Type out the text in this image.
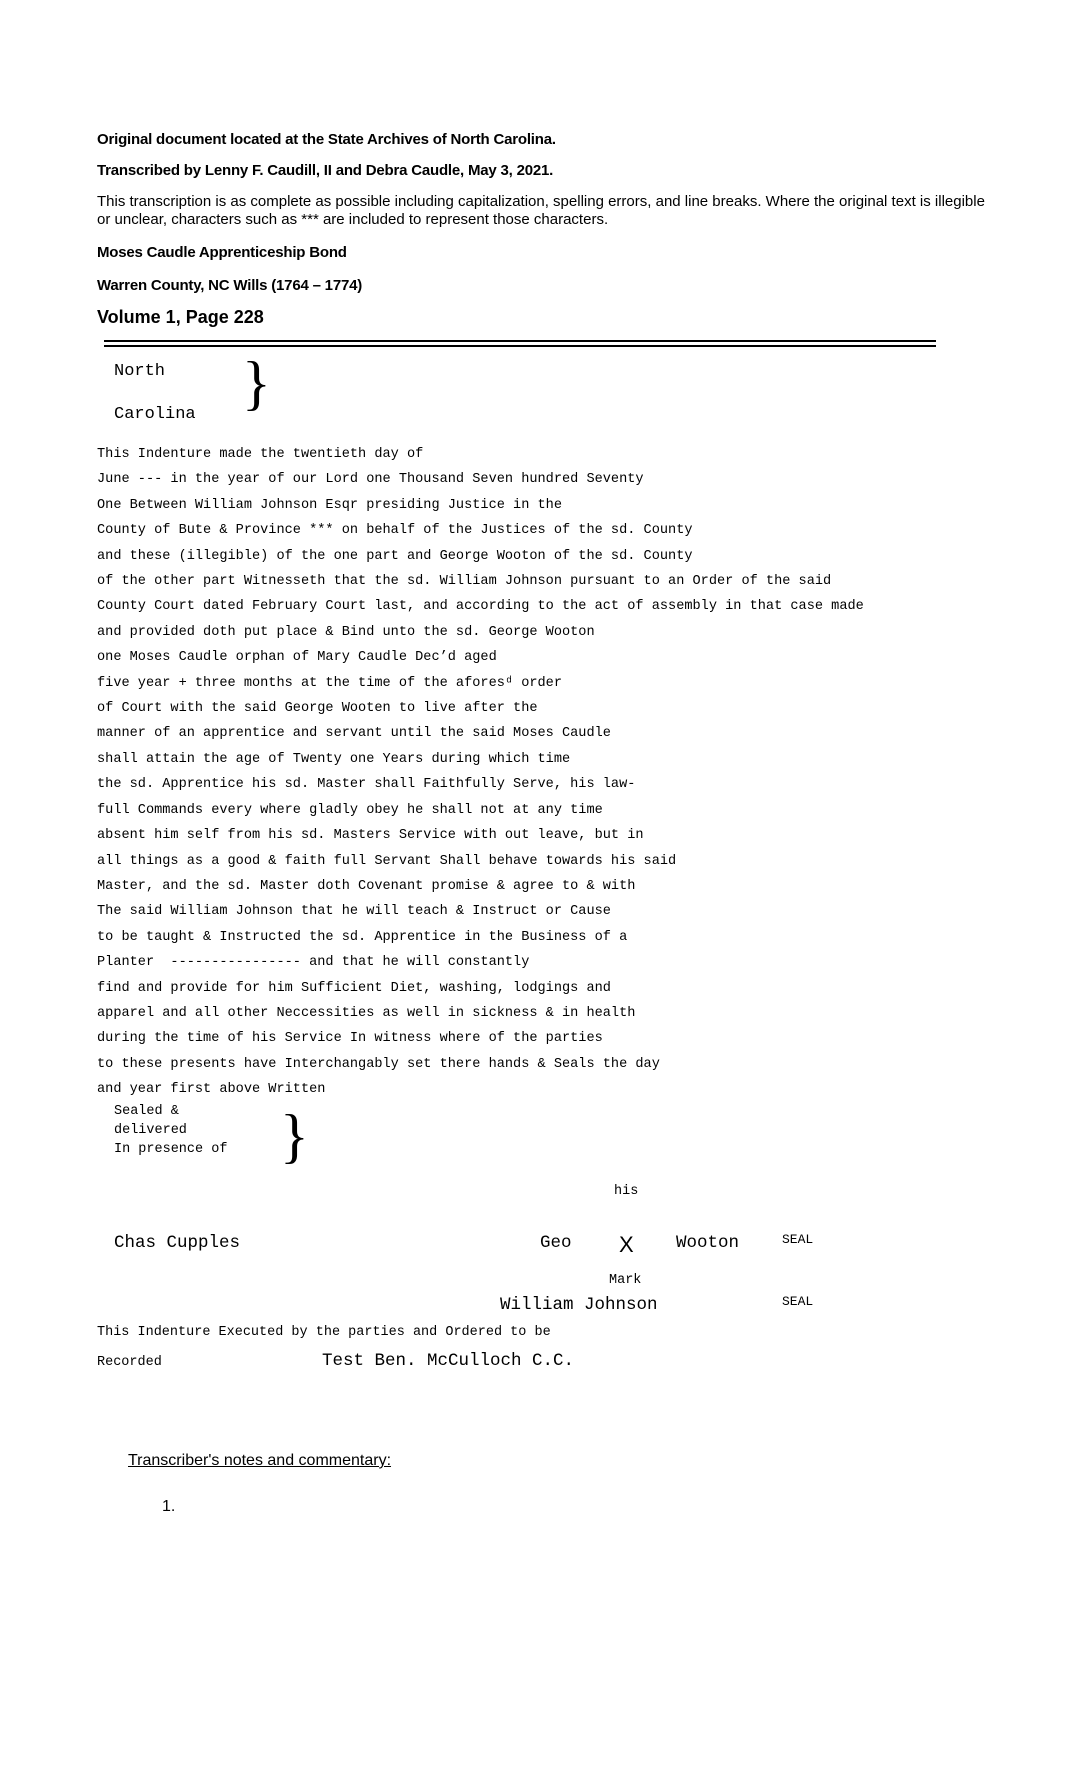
Original document located at the State Archives of North Carolina.
Transcribed by Lenny F. Caudill, II and Debra Caudle, May 3, 2021.
This transcription is as complete as possible including capitalization, spelling errors, and line breaks. Where the original text is illegible or unclear, characters such as *** are included to represent those characters.
Moses Caudle Apprenticeship Bond
Warren County, NC Wills (1764 – 1774)
Volume 1, Page 228
North
Carolina }
This Indenture made the twentieth day of
June --- in the year of our Lord one Thousand Seven hundred Seventy
One Between William Johnson Esqr presiding Justice in the
County of Bute & Province *** on behalf of the Justices of the sd. County
and these (illegible) of the one part and George Wooton of the sd. County
of the other part Witnesseth that the sd. William Johnson pursuant to an Order of the said
County Court dated February Court last, and according to the act of assembly in that case made
and provided doth put place & Bind unto the sd. George Wooton
one Moses Caudle orphan of Mary Caudle Dec’d aged
five year + three months at the time of the aforesᵈ order
of Court with the said George Wooten to live after the
manner of an apprentice and servant until the said Moses Caudle
shall attain the age of Twenty one Years during which time
the sd. Apprentice his sd. Master shall Faithfully Serve, his law-
full Commands every where gladly obey he shall not at any time
absent him self from his sd. Masters Service with out leave, but in
all things as a good & faith full Servant Shall behave towards his said
Master, and the sd. Master doth Covenant promise & agree to & with
The said William Johnson that he will teach & Instruct or Cause
to be taught & Instructed the sd. Apprentice in the Business of a
Planter  ---------------- and that he will constantly
find and provide for him Sufficient Diet, washing, lodgings and
apparel and all other Neccessities as well in sickness & in health
during the time of his Service In witness where of the parties
to these presents have Interchangably set there hands & Seals the day
and year first above Written
Sealed &
delivered
In presence of }
his
Chas Cupples	Geo X Wooton	SEAL
Mark
William Johnson	SEAL
This Indenture Executed by the parties and Ordered to be
Recorded	Test Ben. McCulloch C.C.
Transcriber's notes and commentary:
1.
